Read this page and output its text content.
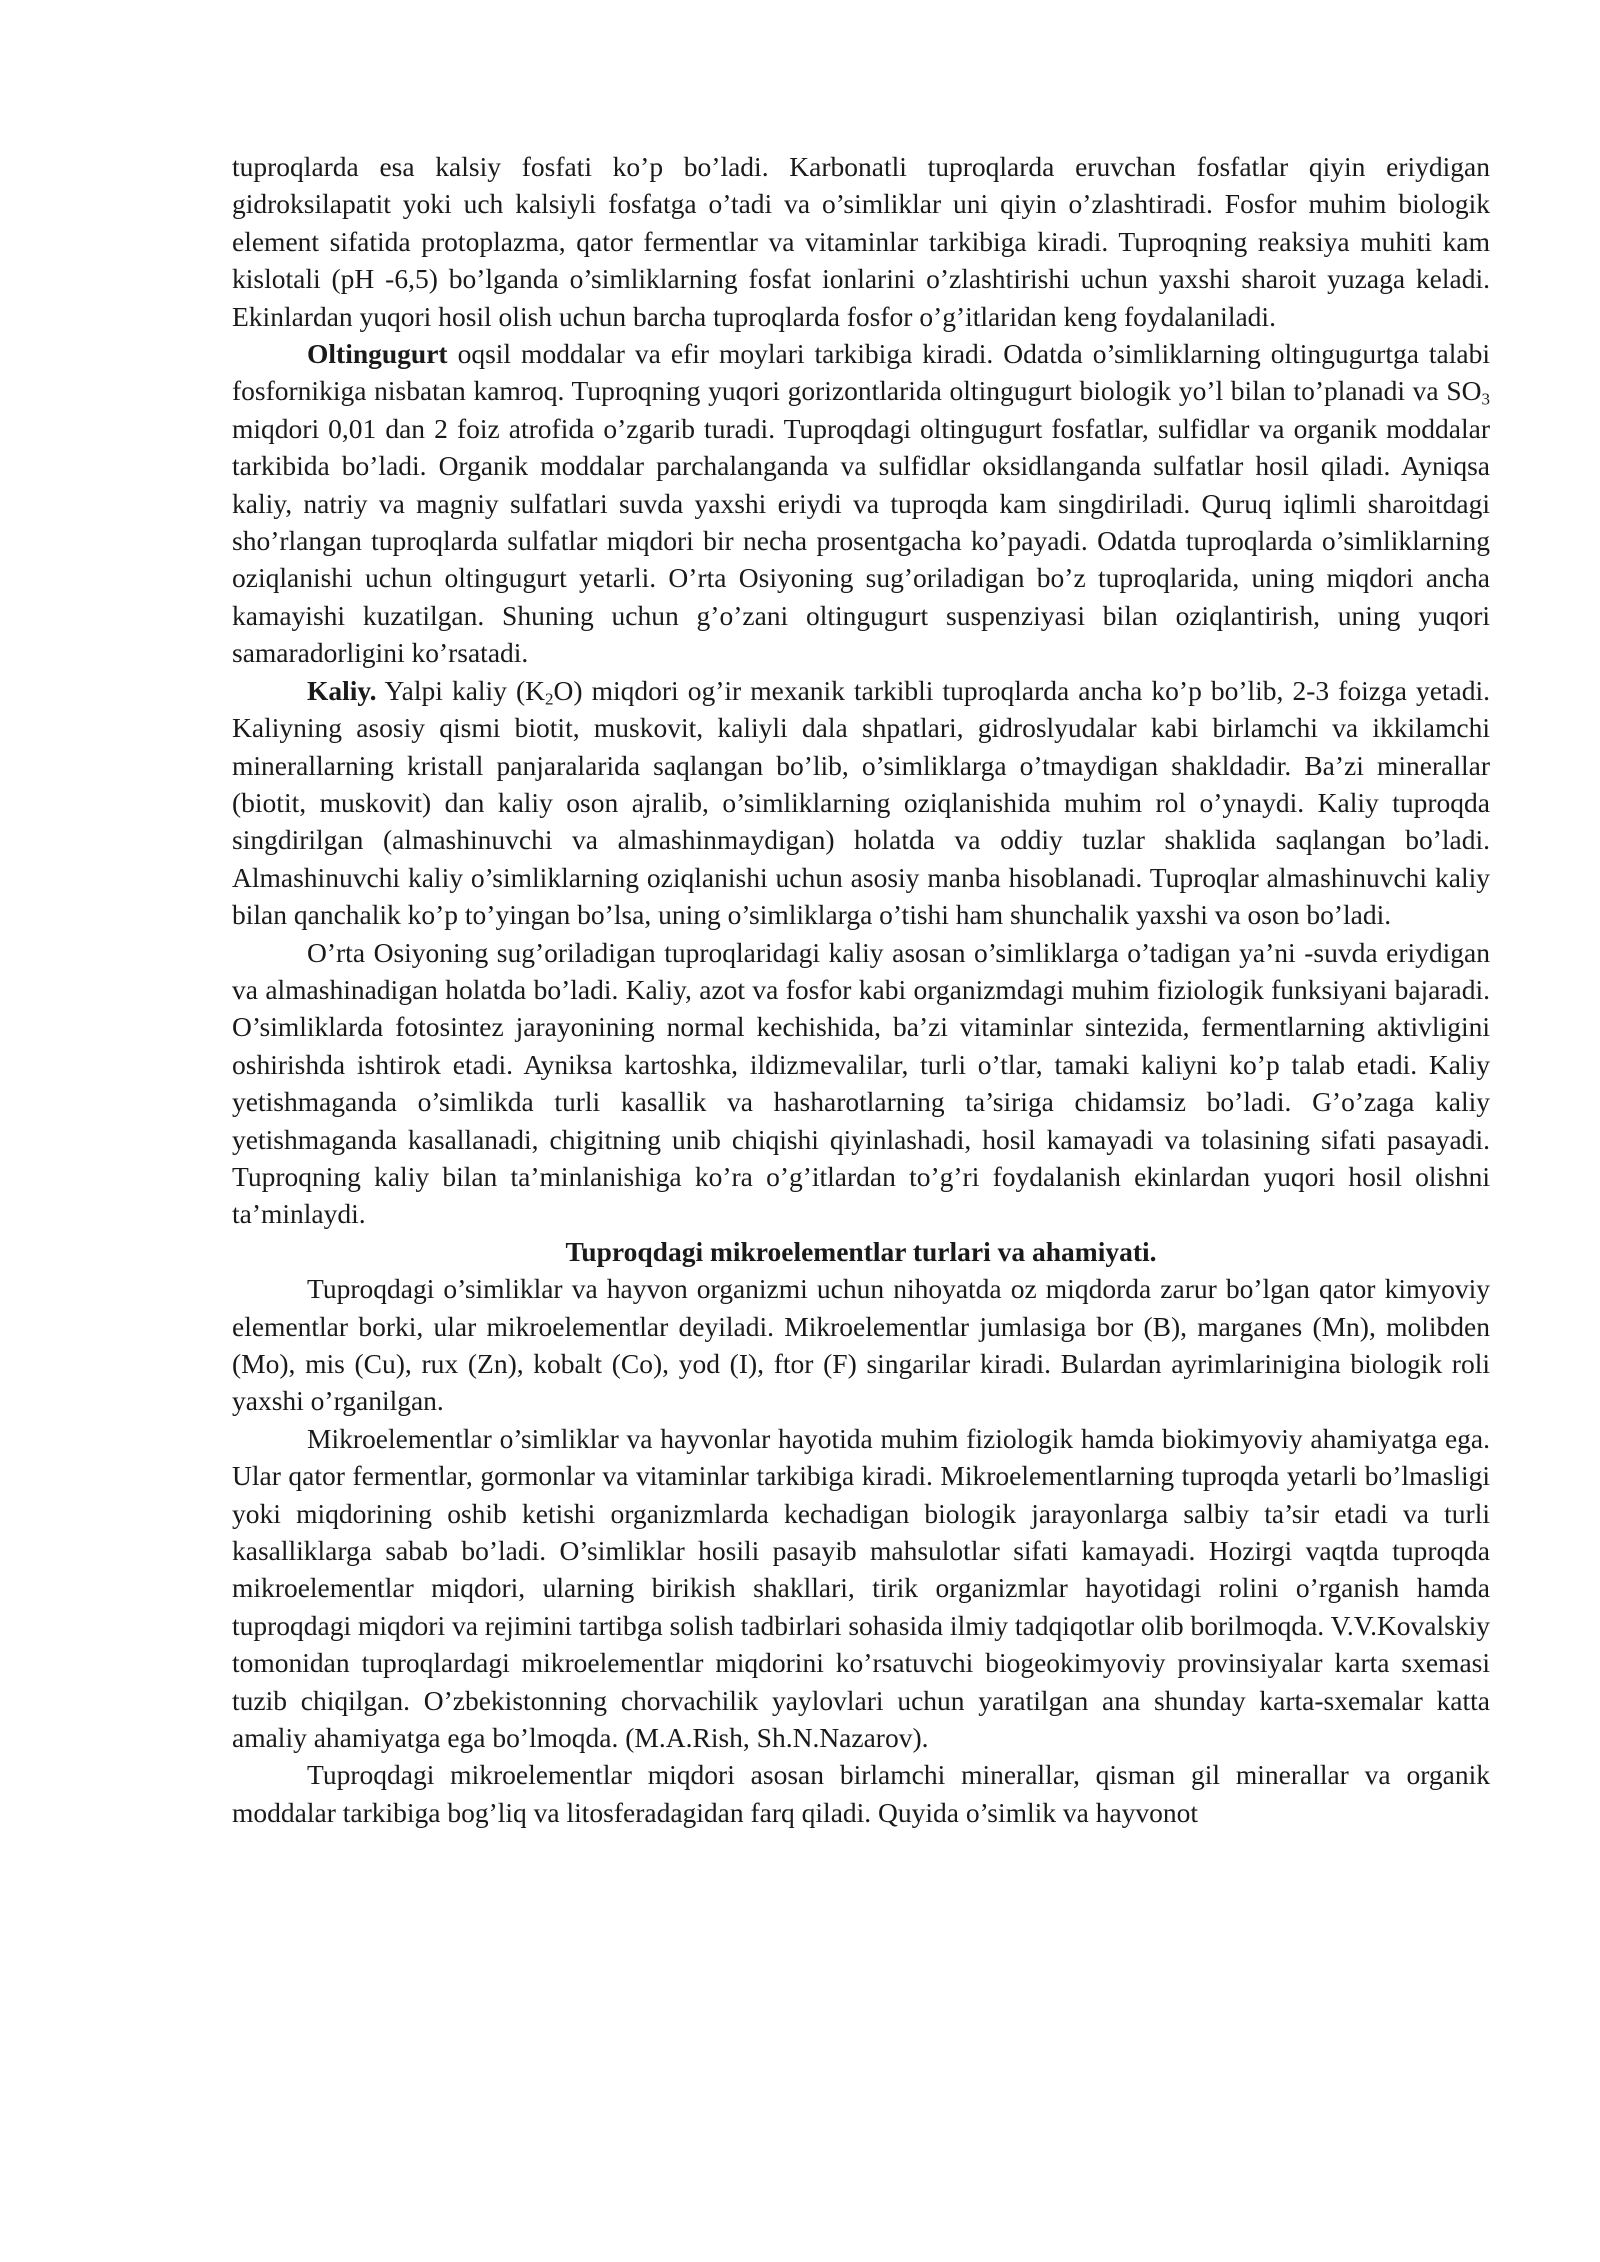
tuproqlarda esa kalsiy fosfati ko’p bo’ladi. Karbonatli tuproqlarda eruvchan fosfatlar qiyin eriydigan gidroksilapatit yoki uch kalsiyli fosfatga o’tadi va o’simliklar uni qiyin o’zlashtiradi. Fosfor muhim biologik element sifatida protoplazma, qator fermentlar va vitaminlar tarkibiga kiradi. Tuproqning reaksiya muhiti kam kislotali (pH -6,5) bo’lganda o’simliklarning fosfat ionlarini o’zlashtirishi uchun yaxshi sharoit yuzaga keladi. Ekinlardan yuqori hosil olish uchun barcha tuproqlarda fosfor o’g’itlaridan keng foydalaniladi.

Oltingugurt oqsil moddalar va efir moylari tarkibiga kiradi. Odatda o’simliklarning oltingugurtga talabi fosfornikiga nisbatan kamroq. Tuproqning yuqori gorizontlarida oltingugurt biologik yo’l bilan to’planadi va $SO_3$ miqdori 0,01 dan 2 foiz atrofida o’zgarib turadi. Tuproqdagi oltingugurt fosfatlar, sulfidlar va organik moddalar tarkibida bo’ladi. Organik moddalar parchalanganda va sulfidlar oksidlanganda sulfatlar hosil qiladi. Ayniqsa kaliy, natriy va magniy sulfatlari suvda yaxshi eriydi va tuproqda kam singdiriladi. Quruq iqlimli sharoitdagi sho’rlangan tuproqlarda sulfatlar miqdori bir necha prosentgacha ko’payadi. Odatda tuproqlarda o’simliklarning oziqlanishi uchun oltingugurt yetarli. O’rta Osiyoning sug’oriladigan bo’z tuproqlarida, uning miqdori ancha kamayishi kuzatilgan. Shuning uchun g’o’zani oltingugurt suspenziyasi bilan oziqlantirish, uning yuqori samaradorligini ko’rsatadi.

Kaliy. Yalpi kaliy $(K_2O)$ miqdori og’ir mexanik tarkibli tuproqlarda ancha ko’p bo’lib, 2-3 foizga yetadi. Kaliyning asosiy qismi biotit, muskovit, kaliyli dala shpatlari, gidroslyudalar kabi birlamchi va ikkilamchi minerallarning kristall panjaralarida saqlangan bo’lib, o’simliklarga o’tmaydigan shakldadir. Ba’zi minerallar (biotit, muskovit) dan kaliy oson ajralib, o’simliklarning oziqlanishida muhim rol o’ynaydi. Kaliy tuproqda singdirilgan (almashinuvchi va almashinmaydigan) holatda va oddiy tuzlar shaklida saqlangan bo’ladi. Almashinuvchi kaliy o’simliklarning oziqlanishi uchun asosiy manba hisoblanadi. Tuproqlar almashinuvchi kaliy bilan qanchalik ko’p to’yingan bo’lsa, uning o’simliklarga o’tishi ham shunchalik yaxshi va oson bo’ladi.

O’rta Osiyoning sug’oriladigan tuproqlaridagi kaliy asosan o’simliklarga o’tadigan ya’ni -suvda eriydigan va almashinadigan holatda bo’ladi. Kaliy, azot va fosfor kabi organizmdagi muhim fiziologik funksiyani bajaradi. O’simliklarda fotosintez jarayonining normal kechishida, ba’zi vitaminlar sintezida, fermentlarning aktivligini oshirishda ishtirok etadi. Ayniksa kartoshka, ildizmevalilar, turli o’tlar, tamaki kaliyni ko’p talab etadi. Kaliy yetishmaganda o’simlikda turli kasallik va hasharotlarning ta’siriga chidamsiz bo’ladi. G’o’zaga kaliy yetishmaganda kasallanadi, chigitning unib chiqishi qiyinlashadi, hosil kamayadi va tolasining sifati pasayadi. Tuproqning kaliy bilan ta’minlanishiga ko’ra o’g’itlardan to’g’ri foydalanish ekinlardan yuqori hosil olishni ta’minlaydi.

Tuproqdagi mikroelementlar turlari va ahamiyati.

Tuproqdagi o’simliklar va hayvon organizmi uchun nihoyatda oz miqdorda zarur bo’lgan qator kimyoviy elementlar borki, ular mikroelementlar deyiladi. Mikroelementlar jumlasiga bor (B), marganes (Mn), molibden (Mo), mis (Cu), rux (Zn), kobalt (Co), yod (I), ftor (F) singarilar kiradi. Bulardan ayrimlarinigina biologik roli yaxshi o’rganilgan.

Mikroelementlar o’simliklar va hayvonlar hayotida muhim fiziologik hamda biokimyoviy ahamiyatga ega. Ular qator fermentlar, gormonlar va vitaminlar tarkibiga kiradi. Mikroelementlarning tuproqda yetarli bo’lmasligi yoki miqdorining oshib ketishi organizmlarda kechadigan biologik jarayonlarga salbiy ta’sir etadi va turli kasalliklarga sabab bo’ladi. O’simliklar hosili pasayib mahsulotlar sifati kamayadi. Hozirgi vaqtda tuproqda mikroelementlar miqdori, ularning birikish shakllari, tirik organizmlar hayotidagi rolini o’rganish hamda tuproqdagi miqdori va rejimini tartibga solish tadbirlari sohasida ilmiy tadqiqotlar olib borilmoqda. V.V.Kovalskiy tomonidan tuproqlardagi mikroelementlar miqdorini ko’rsatuvchi biogeokimyoviy provinsiyalar karta sxemasi tuzib chiqilgan. O’zbekistonning chorvachilik yaylovlari uchun yaratilgan ana shunday karta-sxemalar katta amaliy ahamiyatga ega bo’lmoqda. (M.A.Rish, Sh.N.Nazarov).

Tuproqdagi mikroelementlar miqdori asosan birlamchi minerallar, qisman gil minerallar va organik moddalar tarkibiga bog’liq va litosferadagidan farq qiladi. Quyida o’simlik va hayvonot
